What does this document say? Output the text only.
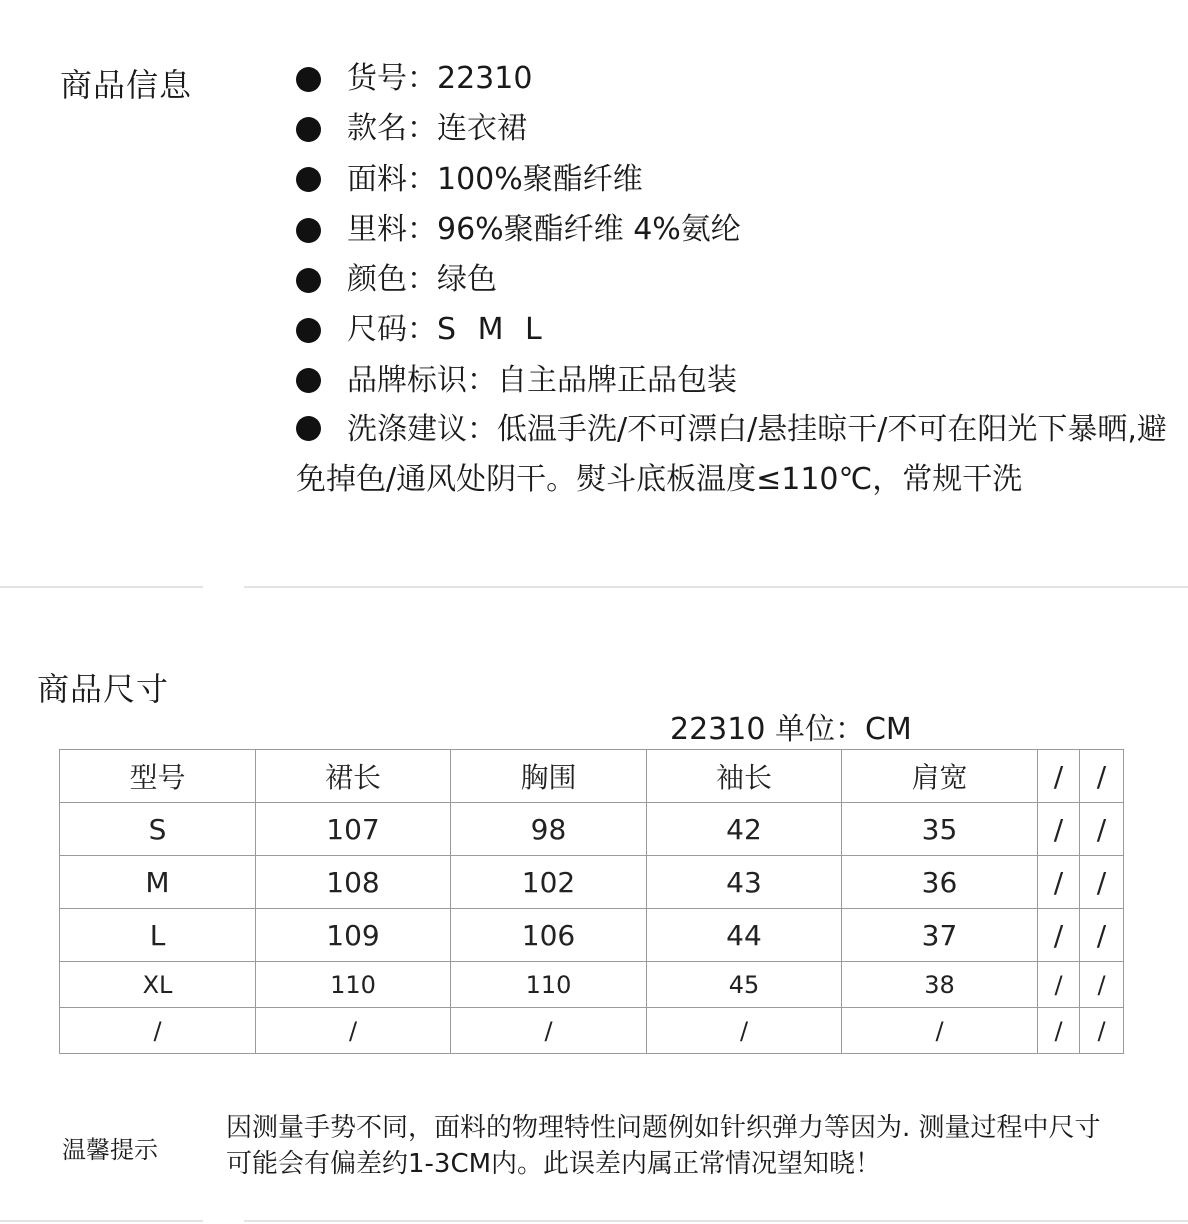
商品信息	货号 ：	22310
款名 ：	连衣裙
面料 ：	100%聚酯纤维
里料 ：	96%聚酯纤维 4%氨纶
颜色 ：	绿色
尺码 ：	S M L
品牌标识 ：	自主品牌正品包装
洗涤建议 ： 低温手洗/不可漂白/悬挂晾干/不可在阳光下暴晒,避免掉色/通风处阴干。熨斗底板温度≤110℃，常规干洗
商品尺寸
22310 单位：CM
型号	裙长	胸围	袖长	肩宽	/	/
S	107	98	42	35	/	/
M	108	102	43	36	/	/
L	109	106	44	37	/	/
XL	110	110	45	38	/	/
/	/	/	/	/	/	/
温馨提示
因测量手势不同，面料的物理特性问题例如针织弹力等因为. 测量过程中尺寸可能会有偏差约1-3CM内。此误差内属正常情况望知晓！
